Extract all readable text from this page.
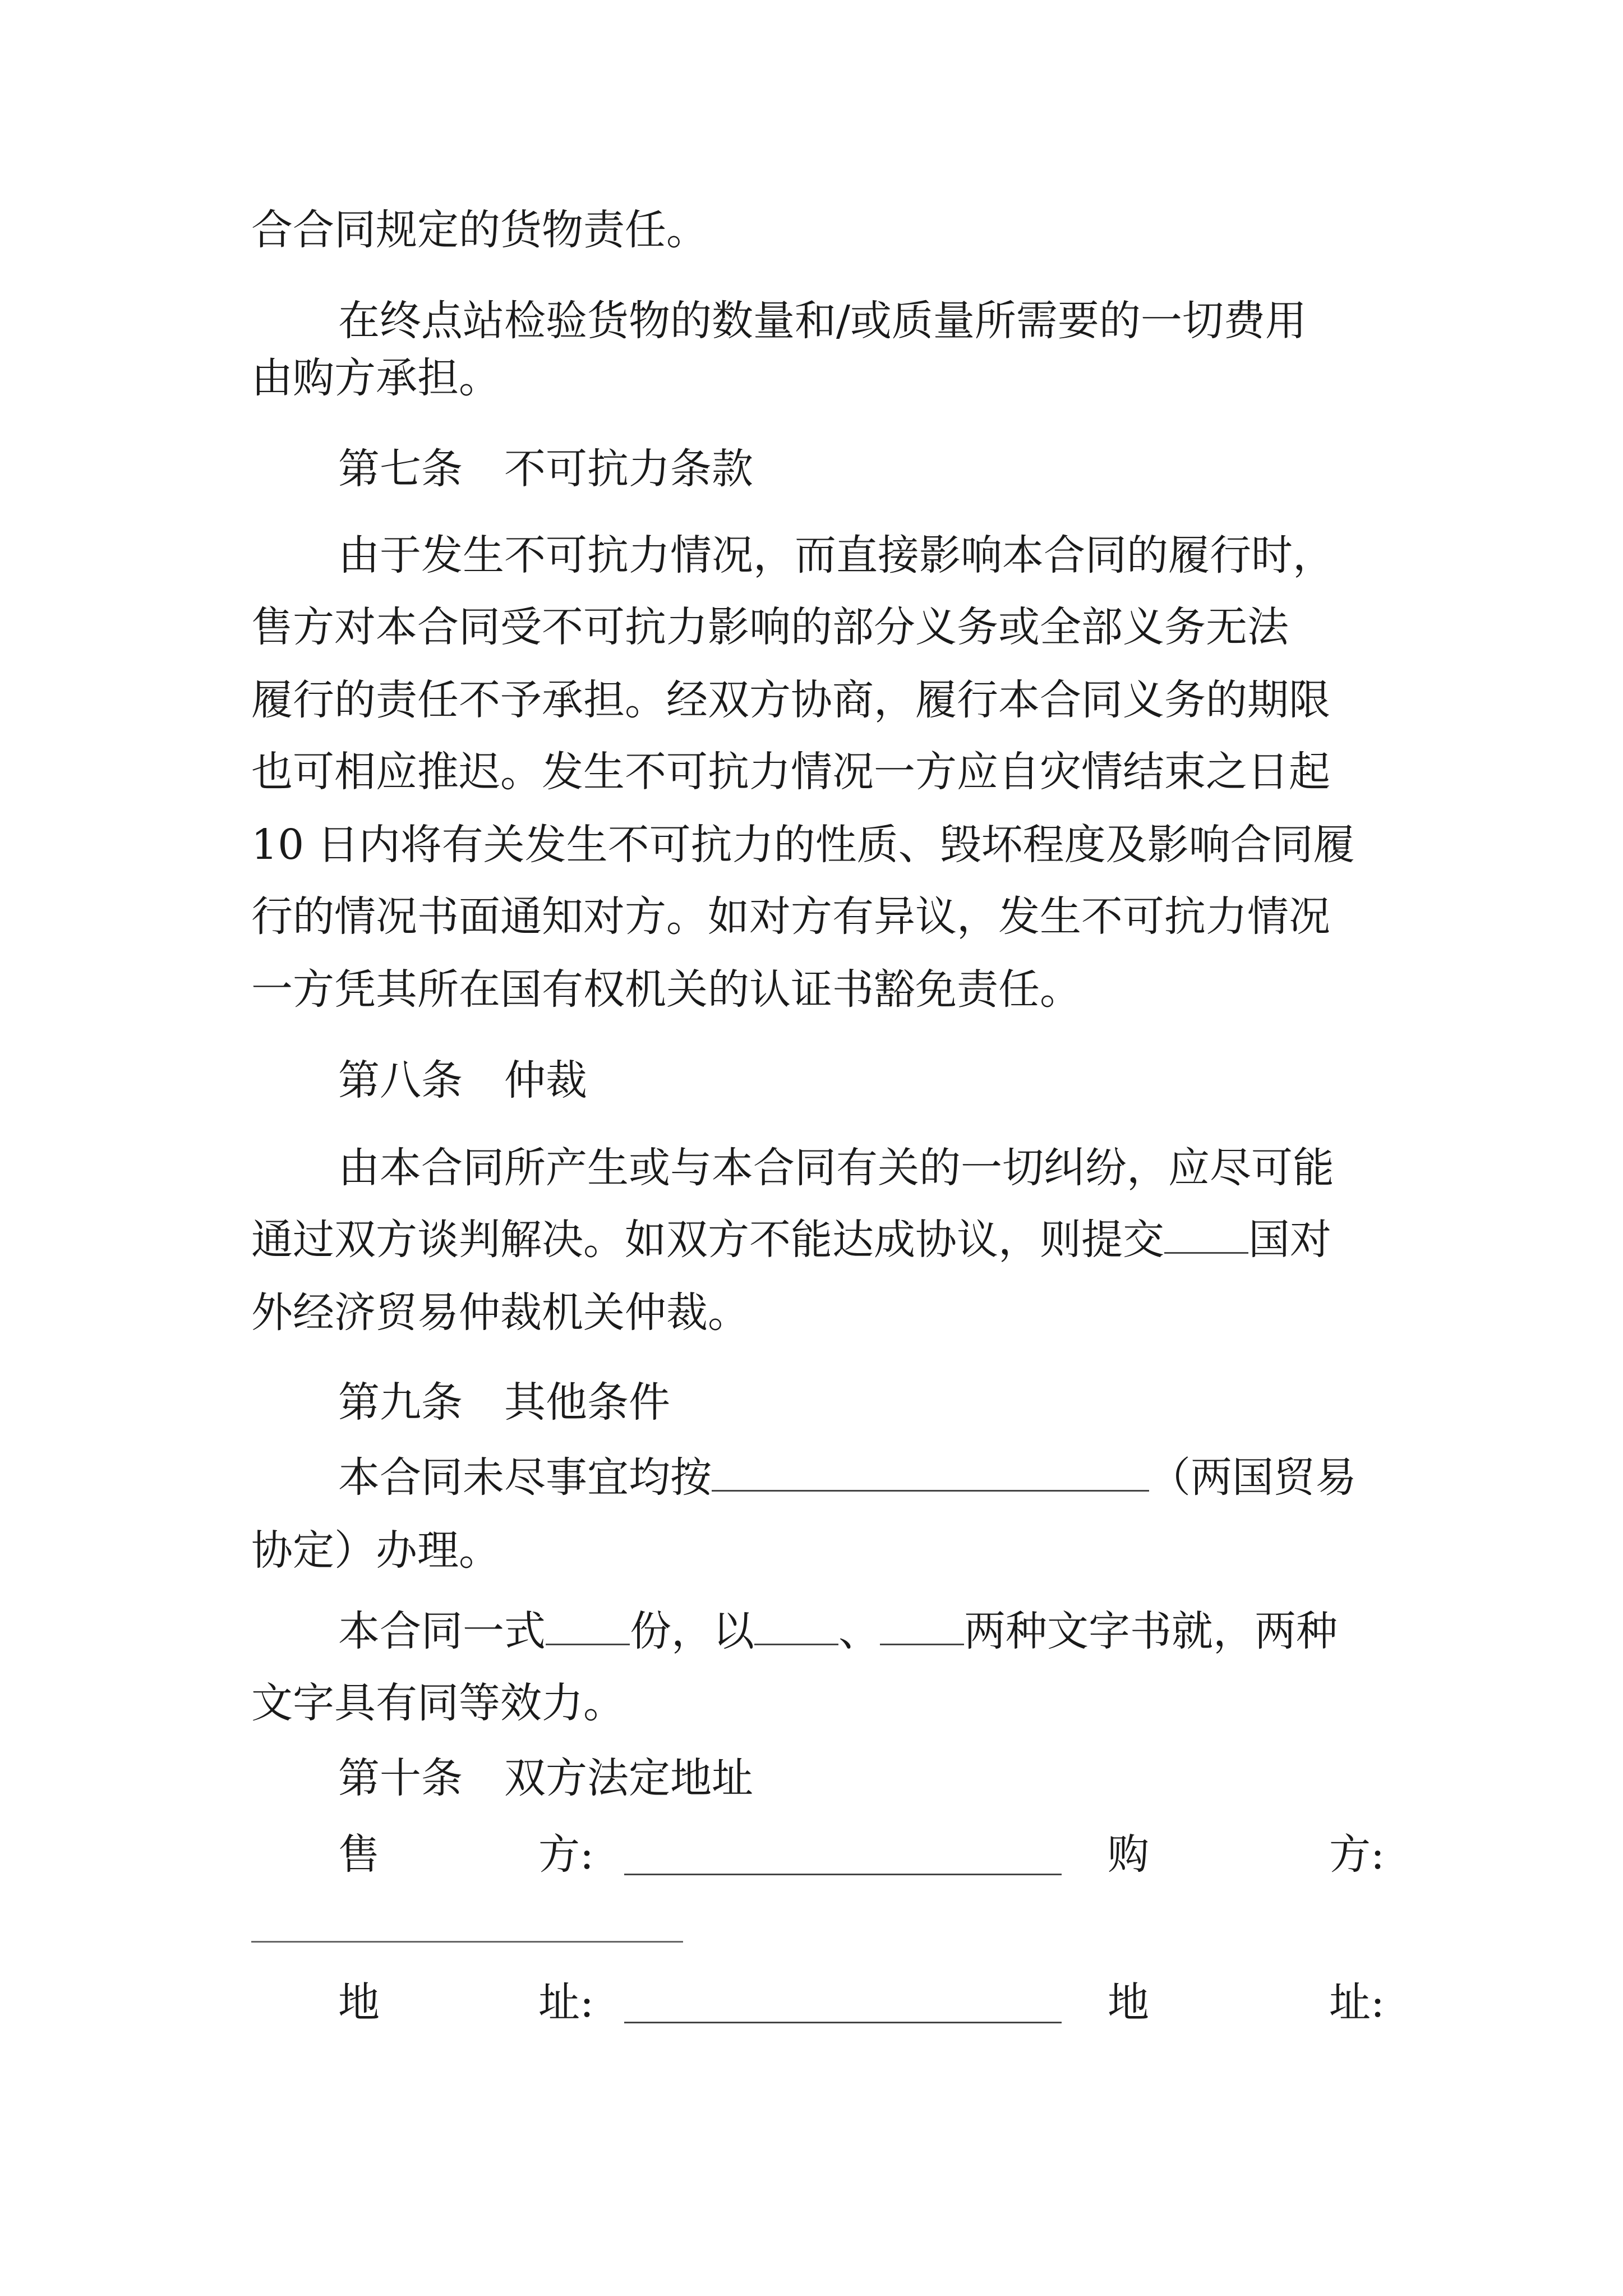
合合同规定的货物责任。
在终点站检验货物的数量和/或质量所需要的一切费用
由购方承担。
第七条　 不可抗力条款
由于发生不可抗力情况，而直接影响本合同的履行时，
售方对本合同受不可抗力影响的部分义务或全部义务无法
履行的责任不予承担。经双方协商，履行本合同义务的期限
也可相应推迟。发生不可抗力情况一方应自灾情结束之日起
10 日内将有关发生不可抗力的性质、毁坏程度及影响合同履
行的情况书面通知对方。如对方有异议，发生不可抗力情况
一方凭其所在国有权机关的认证书豁免责任。
第八条　 仲裁
由本合同所产生或与本合同有关的一切纠纷，应尽可能
通过双方谈判解决。如双方不能达成协议，则提交 国对
外经济贸易仲裁机关仲裁。
第九条　 其他条件
本合同未尽事宜均按	（两国贸易
协定）办理。
本合同一式 份，以 、 两种文字书就，两种
文字具有同等效力。
第十条　 双方法定地址
售	方:	购	方:
地	址:	地	址:
